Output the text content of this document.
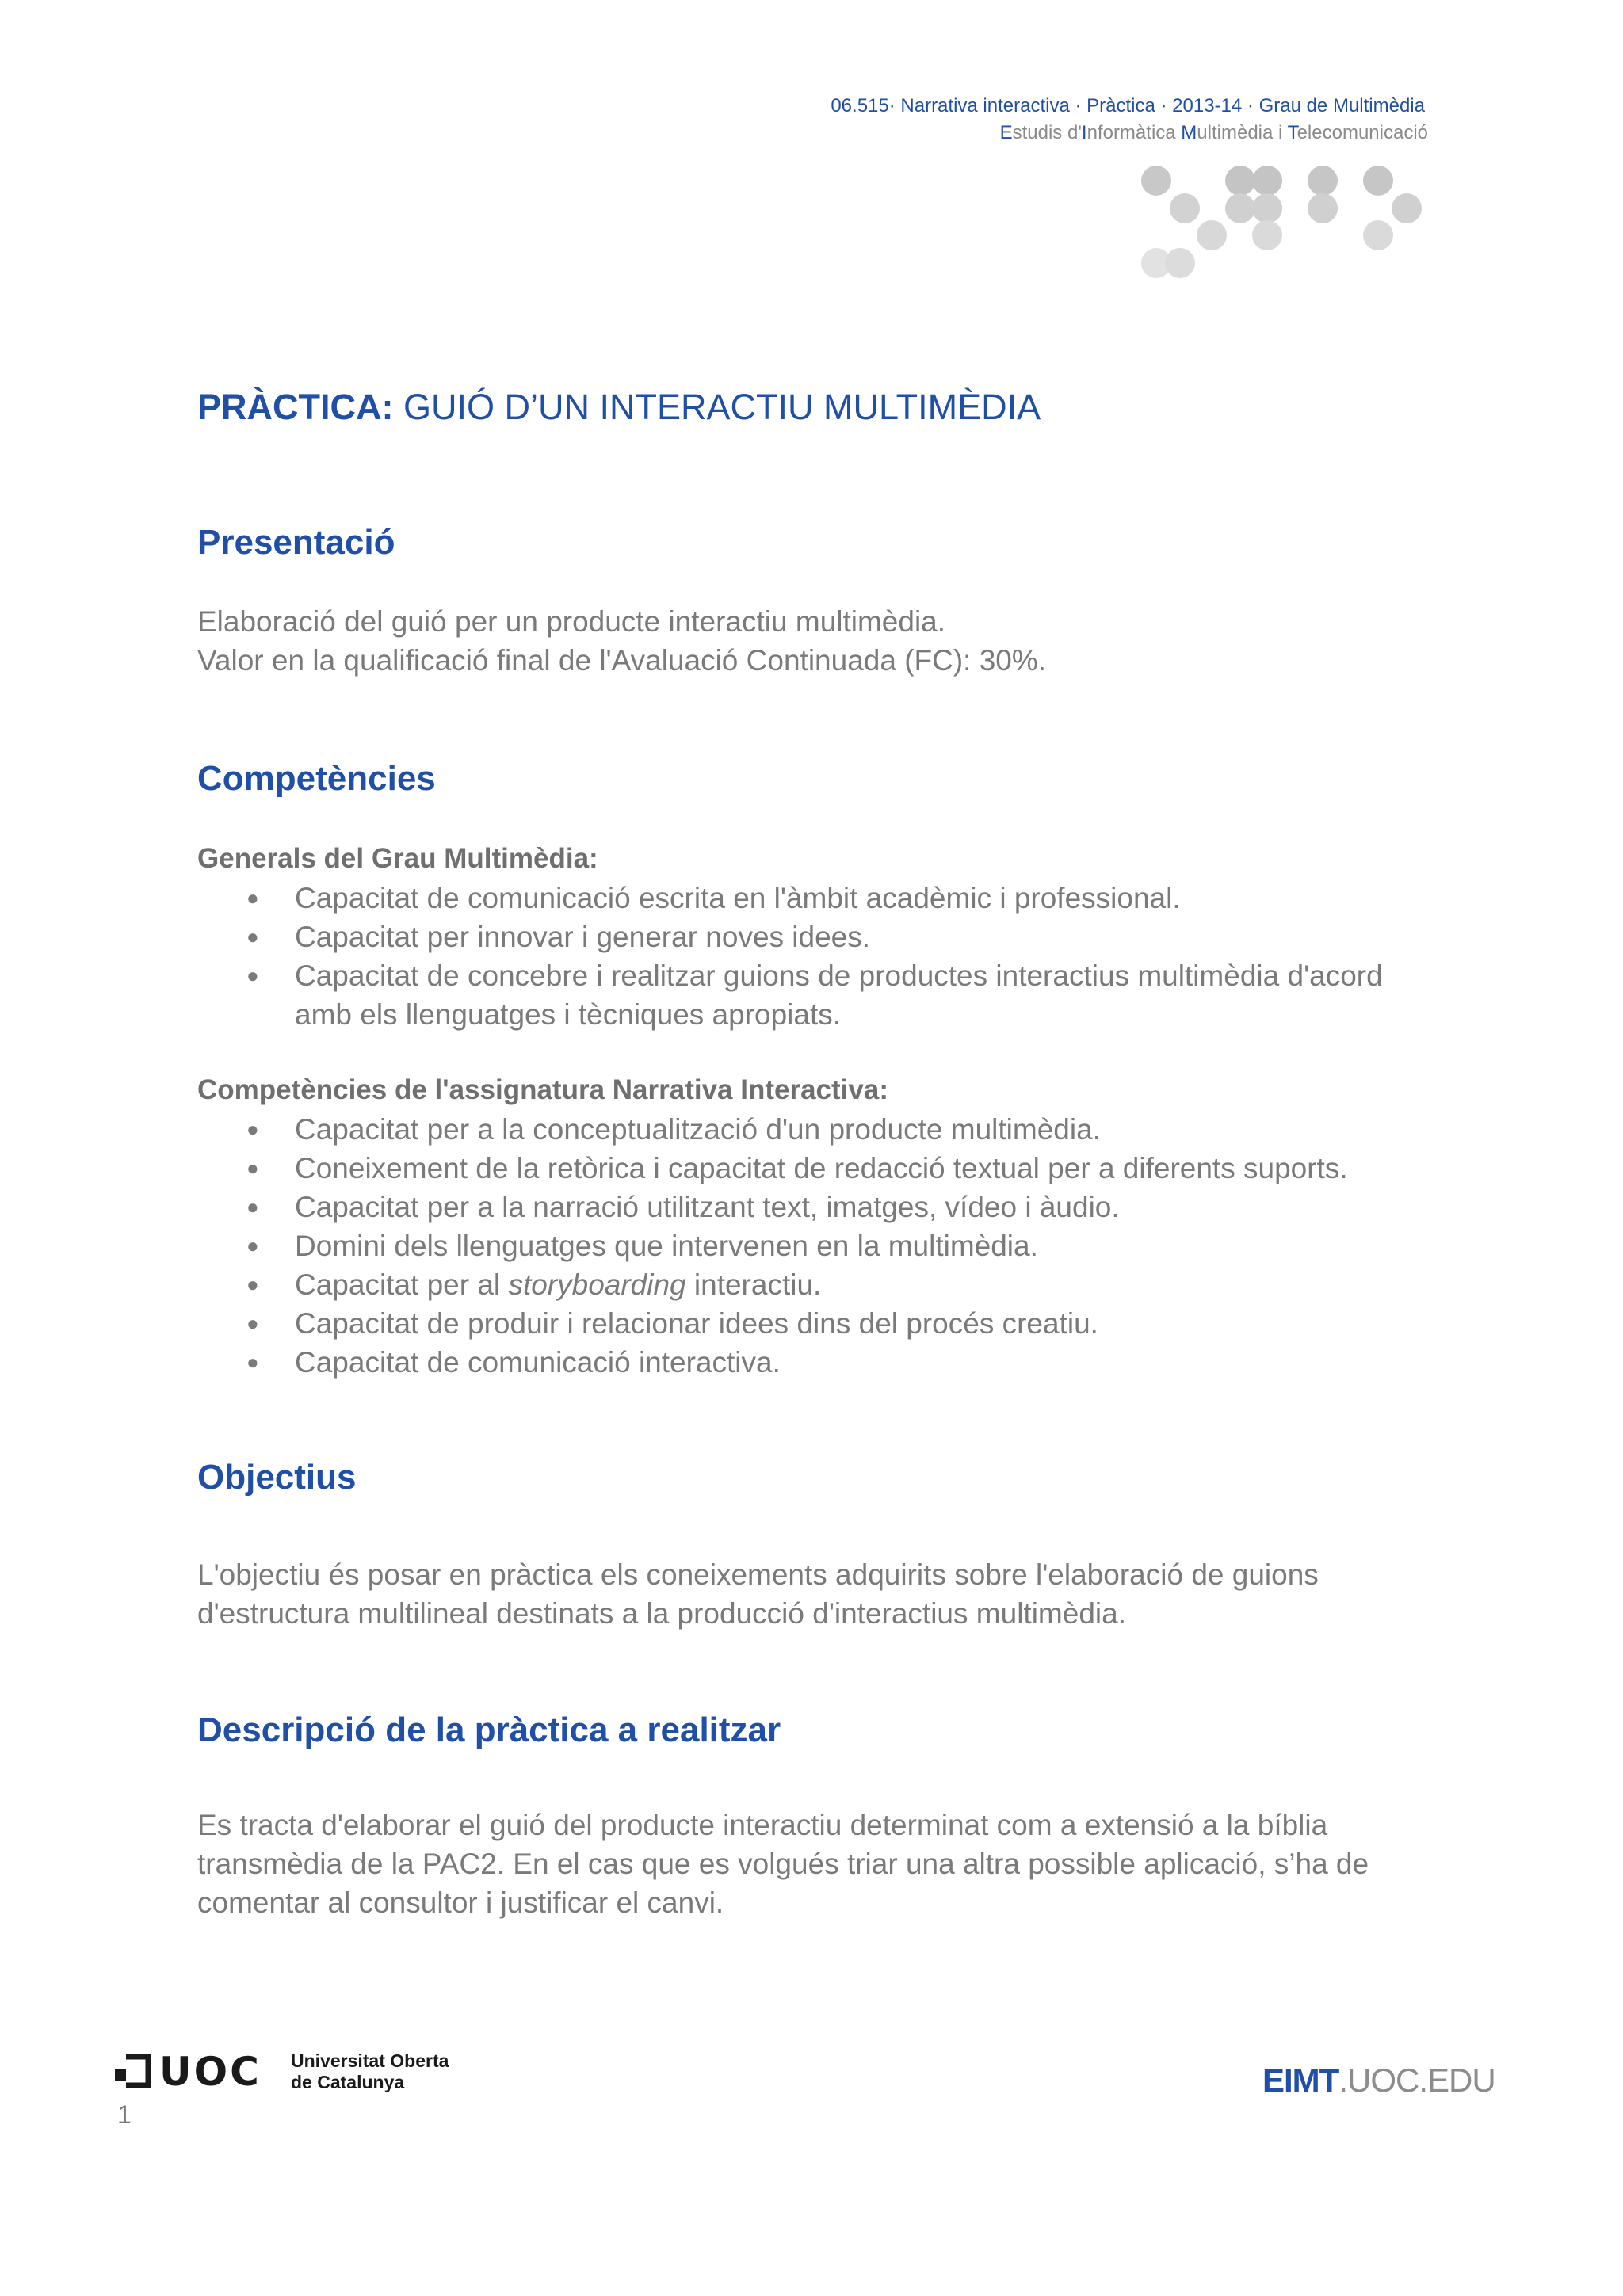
06.515· Narrativa interactiva · Pràctica · 2013-14 · Grau de Multimèdia
Estudis d'Informàtica Multimèdia i Telecomunicació
PRÀCTICA: GUIÓ D’UN INTERACTIU MULTIMÈDIA
Presentació

Elaboració del guió per un producte interactiu multimèdia.
Valor en la qualificació final de l'Avaluació Continuada (FC): 30%.

Competències
Generals del Grau Multimèdia:
● Capacitat de comunicació escrita en l'àmbit acadèmic i professional.
● Capacitat per innovar i generar noves idees.
● Capacitat de concebre i realitzar guions de productes interactius multimèdia d'acord amb els llenguatges i tècniques apropiats.
Competències de l'assignatura Narrativa Interactiva:
● Capacitat per a la conceptualització d'un producte multimèdia.
● Coneixement de la retòrica i capacitat de redacció textual per a diferents suports.
● Capacitat per a la narració utilitzant text, imatges, vídeo i àudio.
● Domini dels llenguatges que intervenen en la multimèdia.
● Capacitat per al storyboarding interactiu.
● Capacitat de produir i relacionar idees dins del procés creatiu.
● Capacitat de comunicació interactiva.
Objectius

L'objectiu és posar en pràctica els coneixements adquirits sobre l'elaboració de guions d'estructura multilineal destinats a la producció d'interactius multimèdia.

Descripció de la pràctica a realitzar

Es tracta d'elaborar el guió del producte interactiu determinat com a extensió a la bíblia transmèdia de la PAC2. En el cas que es volgués triar una altra possible aplicació, s’ha de comentar al consultor i justificar el canvi.

UOC Universitat Oberta
de Catalunya	EIMT.UOC.EDU
1
